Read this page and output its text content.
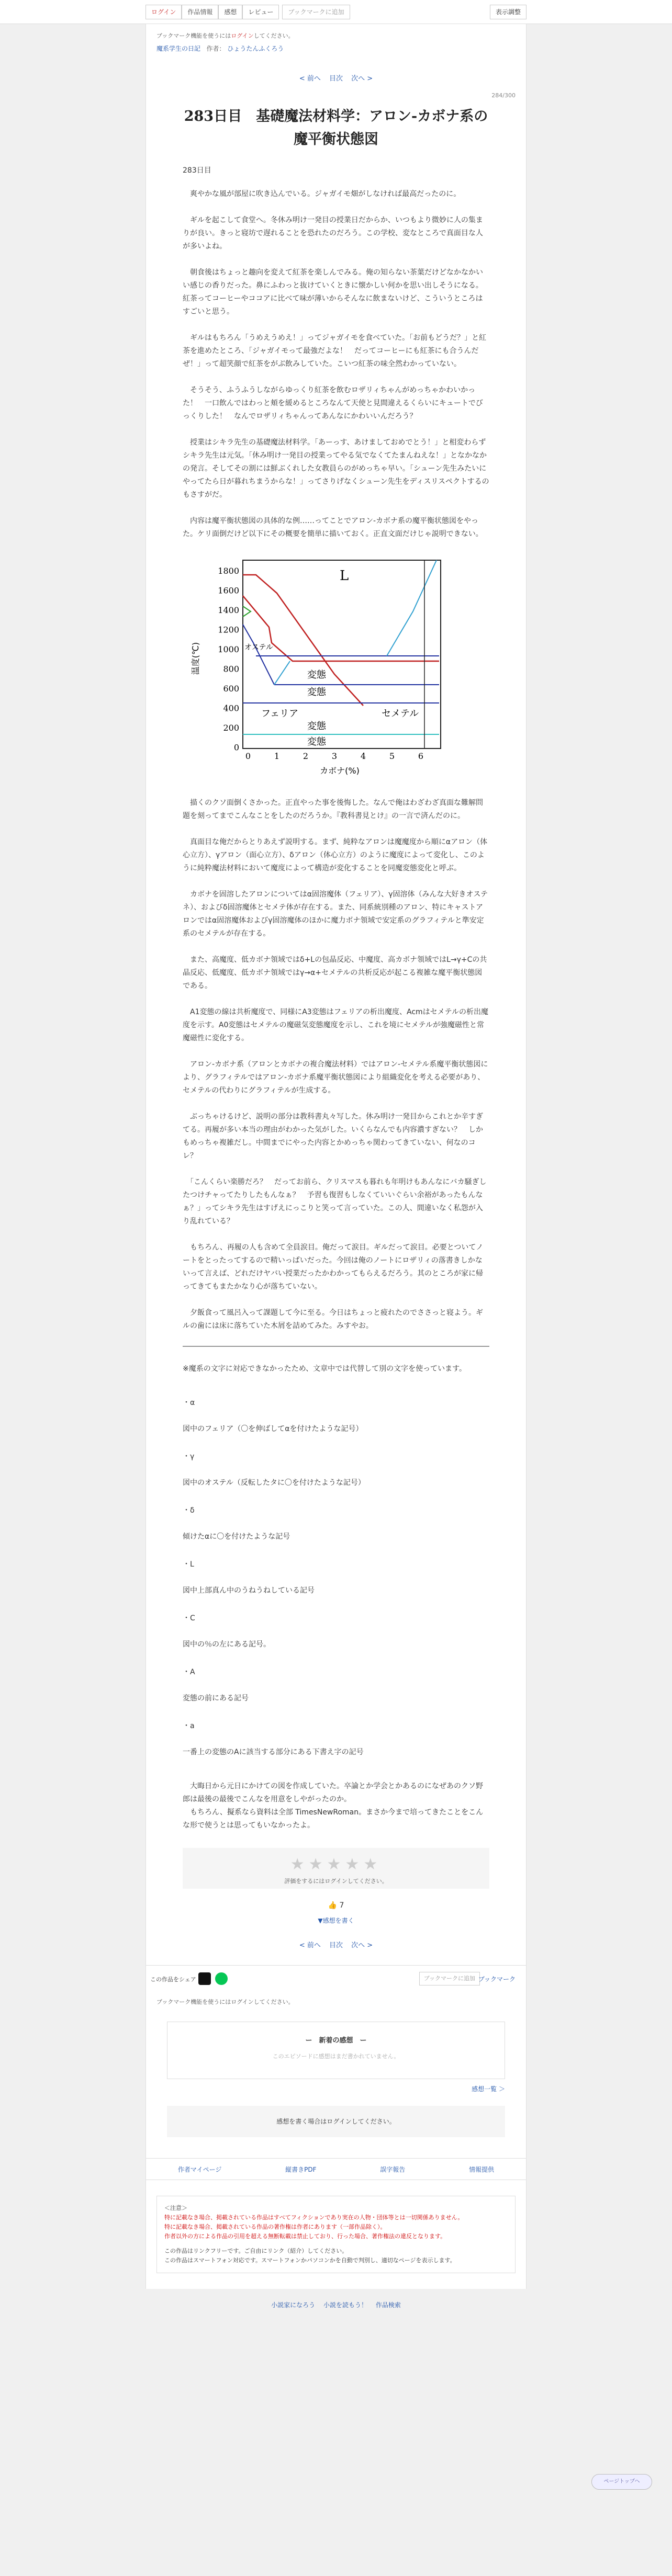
ログイン	作品情報	感想	レビュー	ブックマークに追加	表示調整
ブックマーク機能を使うにはログインしてください。
魔系学生の日記 作者： ひょうたんふくろう
< 前へ 目次 次へ >
284/300
283日目　基礎魔法材料学：アロン-カボナ系の魔平衡状態図
283日目

　爽やかな風が部屋に吹き込んでいる。ジャガイモ畑がしなければ最高だったのに。

　ギルを起こして食堂へ。冬休み明け一発目の授業日だからか、いつもより微妙に人の集まりが良い。きっと寝坊で遅れることを恐れたのだろう。この学校、変なところで真面目な人が多いよね。

　朝食後はちょっと趣向を変えて紅茶を楽しんでみる。俺の知らない茶葉だけどなかなかいい感じの香りだった。鼻にふわっと抜けていくときに懐かしい何かを思い出しそうになる。紅茶ってコーヒーやココアに比べて味が薄いからそんなに飲まないけど、こういうところはすごいと思う。

　ギルはもちろん「うめえうめえ！」ってジャガイモを食べていた。「お前もどうだ？」と紅茶を進めたところ、「ジャガイモって最強だよな！　だってコーヒーにも紅茶にも合うんだぜ！」って超笑顔で紅茶をがぶ飲みしていた。こいつ紅茶の味全然わかっていない。

　そうそう、ふうふうしながらゆっくり紅茶を飲むロザリィちゃんがめっちゃかわいかった！　一口飲んではわっと頬を緩めるところなんて天使と見間違えるくらいにキュートでびっくりした！　なんでロザリィちゃんってあんなにかわいいんだろう？

　授業はシキラ先生の基礎魔法材料学。「あーっす、あけましておめでとう！」と相変わらずシキラ先生は元気。「休み明け一発目の授業ってやる気でなくてたまんねえな！」となかなかの発言。そしてその割には鮮ぶくれした女教員らのがめっちゃ早い。「シューン先生みたいにやってたら日が暮れちまうからな！」ってさりげなくシューン先生をディスリスペクトするのもさすがだ。

　内容は魔平衡状態図の具体的な例……ってことでアロン-カボナ系の魔平衡状態図をやった。ケリ面倒だけど以下にその概要を簡単に描いておく。正直文面だけじゃ説明できない。

1800
1600
1400
1200
1000
800
600
400
200
0
0	1	2	3	4	5	6
L
オステル
変態
変態
フェリア	セメテル
変態
変態
温度(℃)
カボナ(%)

　描くのクソ面倒くさかった。正直やった事を後悔した。なんで俺はわざわざ真面な難解問題を刻ってまでこんなことをしたのだろうか。『教科書見とけ』の一言で済んだのに。

　真面目な俺だからとりあえず説明する。まず、純粋なアロンは魔魔度から順にαアロン（体心立方）、γアロン（面心立方）、δアロン（体心立方）のように魔度によって変化し、このように純粋魔法材料において魔度によって構造が変化することを同魔変態変化と呼ぶ。

　カボナを固溶したアロンについてはα固溶魔体（フェリア）、γ固溶体（みんな大好きオステネ）、およびδ固溶魔体とセメテ体が存在する。また、同系統別種のアロン、特にキャストアロンではα固溶魔体およびγ固溶魔体のほかに魔力ボナ領域で安定系のグラフィテルと準安定系のセメテルが存在する。

　また、高魔度、低カボナ領域ではδ+Lの包晶反応、中魔度、高カボナ領域ではL→γ+Cの共晶反応、低魔度、低カボナ領域ではγ→α+セメテルの共析反応が起こる複雑な魔平衡状態図である。

　A1変態の線は共析魔度で、同様にA3変態はフェリアの析出魔度、Acmはセメテルの析出魔度を示す。A0変態はセメテルの魔磁気変態魔度を示し、これを境にセメテルが強魔磁性と常魔磁性に変化する。

　アロン-カボナ系（アロンとカボナの複合魔法材料）ではアロン-セメテル系魔平衡状態図により、グラフィテルではアロン-カボナ系魔平衡状態図により組織変化を考える必要があり、セメテルの代わりにグラフィテルが生成する。

　ぶっちゃけるけど、説明の部分は教科書丸々写した。休み明け一発目からこれとか辛すぎてる。再履が多い本当の理由がわかった気がした。いくらなんでも内容濃すぎない？　しかもめっちゃ複雑だし。中間までにやった内容とかめっちゃ関わってきていない、何なのコレ？

　「こんくらい楽勝だろ？　だってお前ら、クリスマスも暮れも年明けもあんなにバカ騒ぎしたつけチャってたりしたもんなぁ？　予習も復習もしなくていいぐらい余裕があったもんなぁ？」ってシキラ先生はすげえにっこりと笑って言っていた。この人、間違いなく私怨が入り乱れている？

　もちろん、再履の人も含めて全員涙目。俺だって涙目。ギルだって涙目。必要とついてノートをとったってするので精いっぱいだった。今回は俺のノートにロザリィの落書きしかないって言えば、どれだけヤバい授業だったかわかってもらえるだろう。其のところが家に帰ってきてもまたかなり心が落ちていない。

　夕飯食って風呂入って課題して今に至る。今日はちょっと疲れたのでささっと寝よう。ギルの歯には床に落ちていた木屑を詰めてみた。みすやお。

※魔系の文字に対応できなかったため、文章中では代替して別の文字を使っています。

・α

図中のフェリア（〇を伸ばしてαを付けたような記号）

・γ

図中のオステル（反転したタに〇を付けたような記号）

・δ

傾けたαに〇を付けたような記号

・L

図中上部真ん中のうねうねしている記号

・C

図中の％の左にある記号。

・A

変態の前にある記号

・a

一番上の変態のAに該当する部分にある下書え字の記号

　大晦日から元日にかけての図を作成していた。卒論とか学会とかあるのになぜあのクソ野郎は最後の最後でこんなを用意をしやがったのか。

　もちろん、擬系なら資料は全部 TimesNewRoman。まさか今まで培ってきたことをこんな形で使うとは思ってもいなかったよ。

★★★★★
評価をするにはログインしてください。
👍 7
▼感想を書く
< 前へ 目次 次へ >
この作品をシェア	ブックマークに追加 ブックマーク
ブックマーク機能を使うにはログインしてください。
ー　新着の感想　ー
このエピソードに感想はまだ書かれていません。
感想一覧 ＞
感想を書く場合はログインしてください。
作者マイページ	縦書きPDF	誤字報告	情報提供
＜注意＞
特に記載なき場合、掲載されている作品はすべてフィクションであり実在の人物・団体等とは一切関係ありません。
特に記載なき場合、掲載されている作品の著作権は作者にあります（一部作品除く）。
作者以外の方による作品の引用を超える無断転載は禁止しており、行った場合、著作権法の違反となります。
この作品はリンクフリーです。ご自由にリンク（紹介）してください。
この作品はスマートフォン対応です。スマートフォンかパソコンかを自動で判別し、適切なページを表示します。
小説家になろう 小説を読もう！ 作品検索
ページトップへ
